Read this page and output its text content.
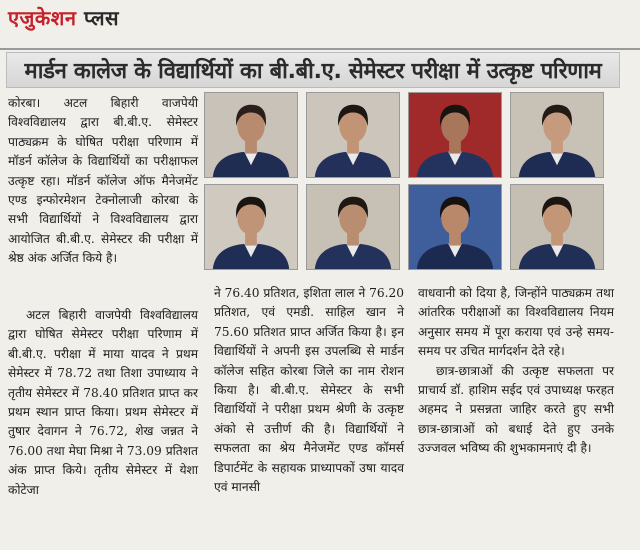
एजुकेशन प्लस
मार्डन कालेज के विद्यार्थियों का बी.बी.ए. सेमेस्टर परीक्षा में उत्कृष्ट परिणाम

कोरबा। अटल बिहारी वाजपेयी विश्वविद्यालय द्वारा बी.बी.ए. सेमेस्टर पाठ्यक्रम के घोषित परीक्षा परिणाम में मॉडर्न कॉलेज के विद्यार्थियों का परीक्षाफल उत्कृष्ट रहा। मॉडर्न कॉलेज ऑफ मैनेजमेंट एण्ड इन्फोरमेशन टेक्नोलाजी कोरबा के सभी विद्यार्थियों ने विश्वविद्यालय द्वारा आयोजित बी.बी.ए. सेमेस्टर की परीक्षा में श्रेष्ठ अंक अर्जित किये है।

अटल बिहारी वाजपेयी विश्वविद्यालय द्वारा घोषित सेमेस्टर परीक्षा परिणाम में बी.बी.ए. परीक्षा में माया यादव ने प्रथम सेमेस्टर में 78.72 तथा तिशा उपाध्याय ने तृतीय सेमेस्टर में 78.40 प्रतिशत प्राप्त कर प्रथम स्थान प्राप्त किया। प्रथम सेमेस्टर में तुषार देवागन ने 76.72, शेख जन्नत ने 76.00 तथा मेघा मिश्रा ने 73.09 प्रतिशत अंक प्राप्त किये। तृतीय सेमेस्टर में येशा कोटेजा

ने 76.40 प्रतिशत, इशिता लाल ने 76.20 प्रतिशत, एवं एमडी. साहिल खान ने 75.60 प्रतिशत प्राप्त अर्जित किया है। इन विद्यार्थियों ने अपनी इस उपलब्धि से मार्डन कॉलेज सहित कोरबा जिले का नाम रोशन किया है। बी.बी.ए. सेमेस्टर के सभी विद्यार्थियों ने परीक्षा प्रथम श्रेणी के उत्कृष्ट अंको से उत्तीर्ण की है। विद्यार्थियों ने सफलता का श्रेय मैनेजमेंट एण्ड कॉमर्स डिपार्टमेंट के सहायक प्राध्यापकों उषा यादव एवं मानसी

वाधवानी को दिया है, जिन्होंने पाठ्यक्रम तथा आंतरिक परीक्षाओं का विश्वविद्यालय नियम अनुसार समय में पूरा कराया एवं उन्हे समय-समय पर उचित मार्गदर्शन देते रहे।

छात्र-छात्राओं की उत्कृष्ट सफलता पर प्राचार्य डॉ. हाशिम सईद एवं उपाध्यक्ष फरहत अहमद ने प्रसन्नता जाहिर करते हुए सभी छात्र-छात्राओं को बधाई देते हुए उनके उज्जवल भविष्य की शुभकामनाएं दी है।
